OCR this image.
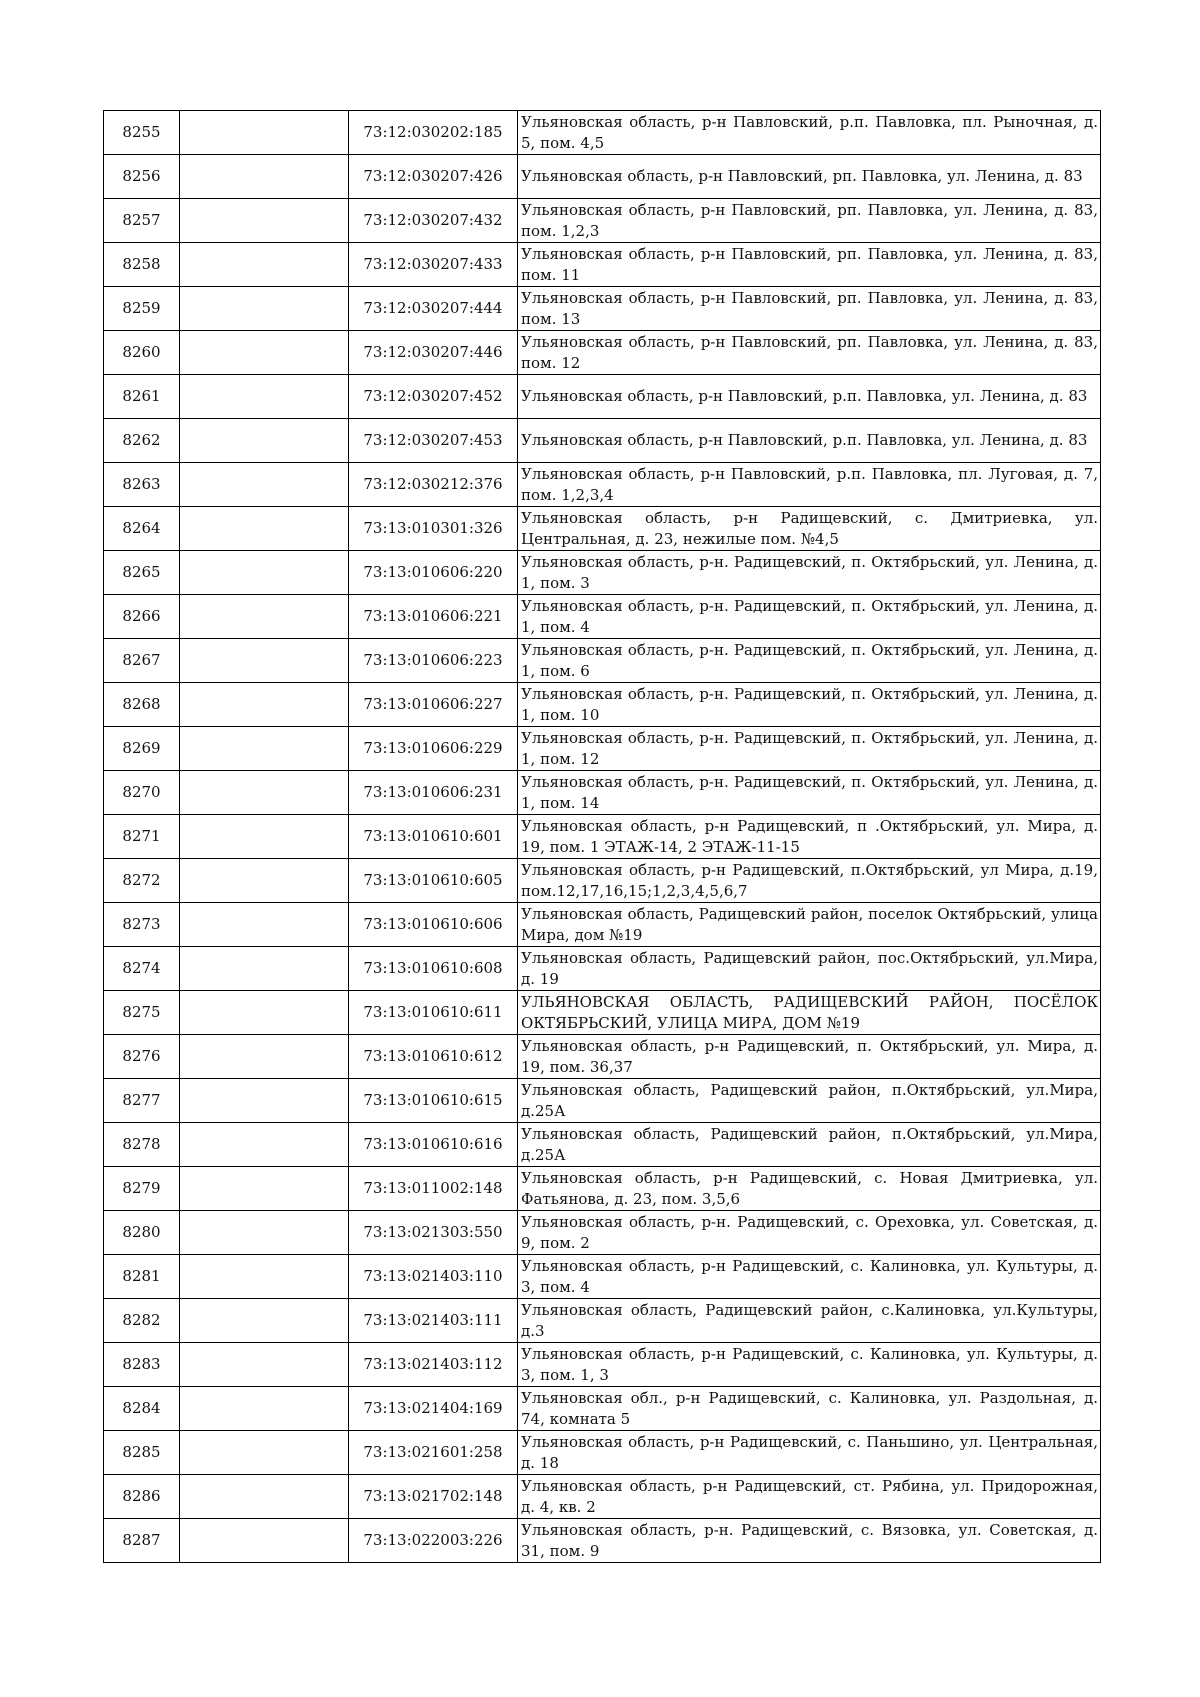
8255		73:12:030202:185	Ульяновская область, р-н Павловский, р.п. Павловка, пл. Рыночная, д. 5, пом. 4,5
8256		73:12:030207:426	Ульяновская область, р-н Павловский, рп. Павловка, ул. Ленина, д. 83
8257		73:12:030207:432	Ульяновская область, р-н Павловский, рп. Павловка, ул. Ленина, д. 83, пом. 1,2,3
8258		73:12:030207:433	Ульяновская область, р-н Павловский, рп. Павловка, ул. Ленина, д. 83, пом. 11
8259		73:12:030207:444	Ульяновская область, р-н Павловский, рп. Павловка, ул. Ленина, д. 83, пом. 13
8260		73:12:030207:446	Ульяновская область, р-н Павловский, рп. Павловка, ул. Ленина, д. 83, пом. 12
8261		73:12:030207:452	Ульяновская область, р-н Павловский, р.п. Павловка, ул. Ленина, д. 83
8262		73:12:030207:453	Ульяновская область, р-н Павловский, р.п. Павловка, ул. Ленина, д. 83
8263		73:12:030212:376	Ульяновская область, р-н Павловский, р.п. Павловка, пл. Луговая, д. 7, пом. 1,2,3,4
8264		73:13:010301:326	Ульяновская область, р-н Радищевский, с. Дмитриевка, ул. Центральная, д. 23, нежилые пом. №4,5
8265		73:13:010606:220	Ульяновская область, р-н. Радищевский, п. Октябрьский, ул. Ленина, д. 1, пом. 3
8266		73:13:010606:221	Ульяновская область, р-н. Радищевский, п. Октябрьский, ул. Ленина, д. 1, пом. 4
8267		73:13:010606:223	Ульяновская область, р-н. Радищевский, п. Октябрьский, ул. Ленина, д. 1, пом. 6
8268		73:13:010606:227	Ульяновская область, р-н. Радищевский, п. Октябрьский, ул. Ленина, д. 1, пом. 10
8269		73:13:010606:229	Ульяновская область, р-н. Радищевский, п. Октябрьский, ул. Ленина, д. 1, пом. 12
8270		73:13:010606:231	Ульяновская область, р-н. Радищевский, п. Октябрьский, ул. Ленина, д. 1, пом. 14
8271		73:13:010610:601	Ульяновская область, р-н Радищевский, п .Октябрьский, ул. Мира, д. 19, пом. 1 ЭТАЖ-14, 2 ЭТАЖ-11-15
8272		73:13:010610:605	Ульяновская область, р-н Радищевский, п.Октябрьский, ул Мира, д.19, пом.12,17,16,15;1,2,3,4,5,6,7
8273		73:13:010610:606	Ульяновская область, Радищевский район, поселок Октябрьский, улица Мира, дом №19
8274		73:13:010610:608	Ульяновская область, Радищевский район, пос.Октябрьский, ул.Мира, д. 19
8275		73:13:010610:611	УЛЬЯНОВСКАЯ ОБЛАСТЬ, РАДИЩЕВСКИЙ РАЙОН, ПОСЁЛОК ОКТЯБРЬСКИЙ, УЛИЦА МИРА, ДОМ №19
8276		73:13:010610:612	Ульяновская область, р-н Радищевский, п. Октябрьский, ул. Мира, д. 19, пом. 36,37
8277		73:13:010610:615	Ульяновская область, Радищевский район, п.Октябрьский, ул.Мира, д.25А
8278		73:13:010610:616	Ульяновская область, Радищевский район, п.Октябрьский, ул.Мира, д.25А
8279		73:13:011002:148	Ульяновская область, р-н Радищевский, с. Новая Дмитриевка, ул. Фатьянова, д. 23, пом. 3,5,6
8280		73:13:021303:550	Ульяновская область, р-н. Радищевский, с. Ореховка, ул. Советская, д. 9, пом. 2
8281		73:13:021403:110	Ульяновская область, р-н Радищевский, с. Калиновка, ул. Культуры, д. 3, пом. 4
8282		73:13:021403:111	Ульяновская область, Радищевский район, с.Калиновка, ул.Культуры, д.3
8283		73:13:021403:112	Ульяновская область, р-н Радищевский, с. Калиновка, ул. Культуры, д. 3, пом. 1, 3
8284		73:13:021404:169	Ульяновская обл., р-н Радищевский, с. Калиновка, ул. Раздольная, д. 74, комната 5
8285		73:13:021601:258	Ульяновская область, р-н Радищевский, с. Паньшино, ул. Центральная, д. 18
8286		73:13:021702:148	Ульяновская область, р-н Радищевский, ст. Рябина, ул. Придорожная, д. 4, кв. 2
8287		73:13:022003:226	Ульяновская область, р-н. Радищевский, с. Вязовка, ул. Советская, д. 31, пом. 9
